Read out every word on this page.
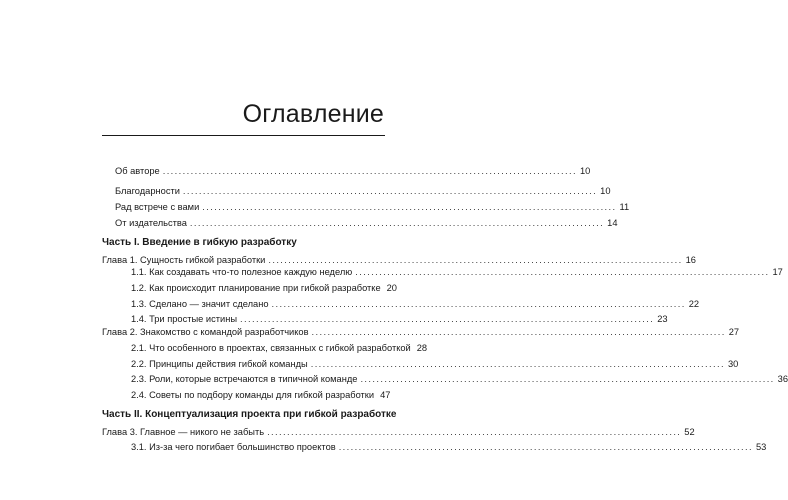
Оглавление
Об авторе ........................................................................................................ 10
Благодарности ........................................................................................................ 10
Рад встрече с вами ........................................................................................................ 11
От издательства ........................................................................................................ 14
Часть I. Введение в гибкую разработку
Глава 1. Сущность гибкой разработки ........................................................................................................ 16
1.1. Как создавать что-то полезное каждую неделю ........................................................................................................ 17
1.2. Как происходит планирование при гибкой разработке 20
1.3. Сделано — значит сделано ........................................................................................................ 22
1.4. Три простые истины ........................................................................................................ 23
Глава 2. Знакомство с командой разработчиков ........................................................................................................ 27
2.1. Что особенного в проектах, связанных с гибкой разработкой 28
2.2. Принципы действия гибкой команды ........................................................................................................ 30
2.3. Роли, которые встречаются в типичной команде ........................................................................................................ 36
2.4. Советы по подбору команды для гибкой разработки 47
Часть II. Концептуализация проекта при гибкой разработке
Глава 3. Главное — никого не забыть ........................................................................................................ 52
3.1. Из-за чего погибает большинство проектов ........................................................................................................ 53
